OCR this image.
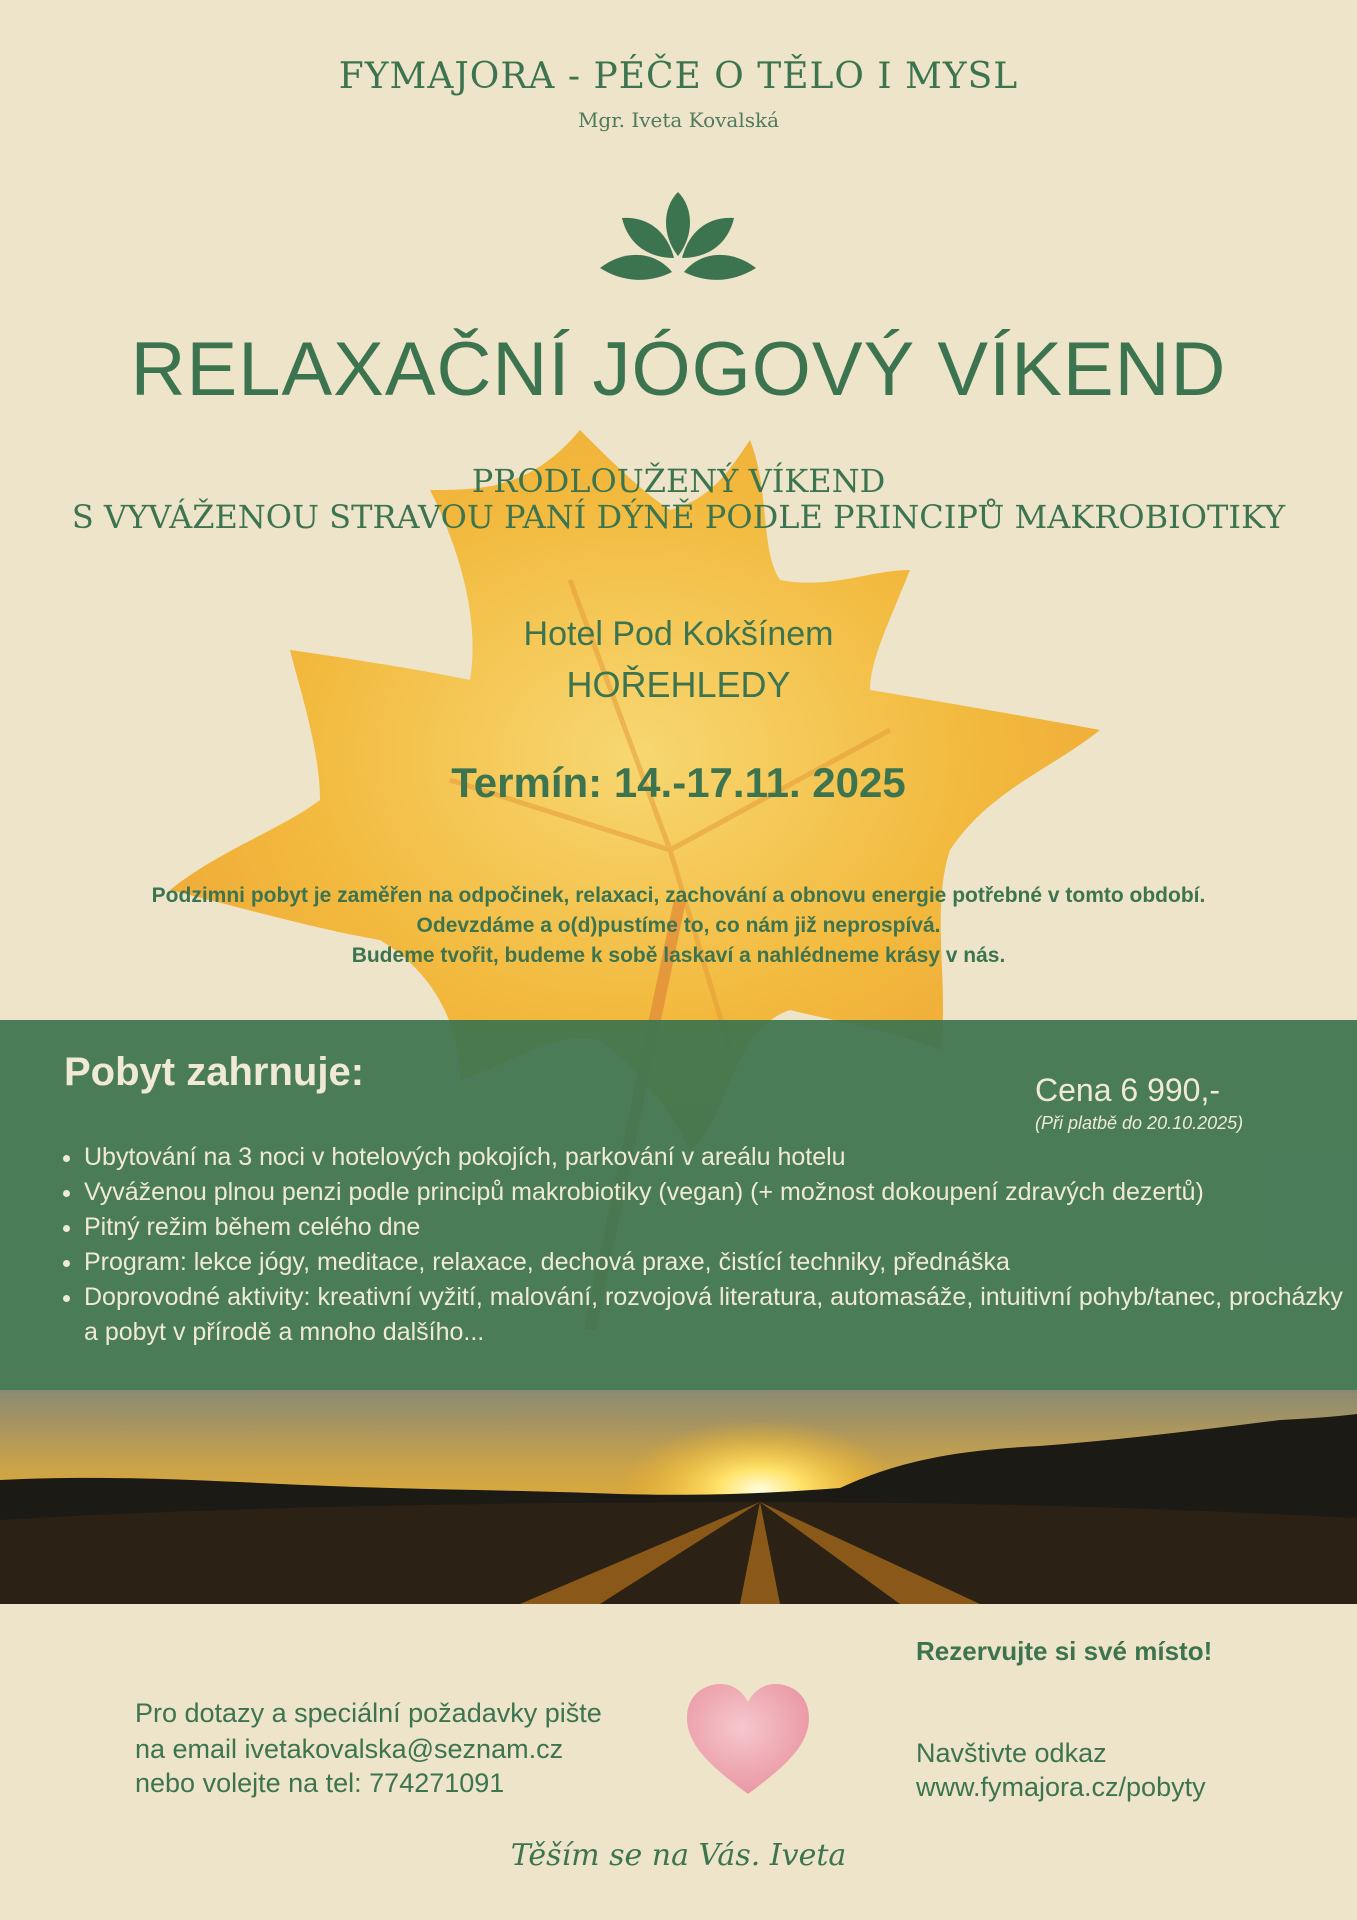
FYMAJORA - PÉČE O TĚLO I MYSL
Mgr. Iveta Kovalská
RELAXAČNÍ JÓGOVÝ VÍKEND
PRODLOUŽENÝ VÍKEND
S VYVÁŽENOU STRAVOU PANÍ DÝNĚ PODLE PRINCIPŮ MAKROBIOTIKY
Hotel Pod Kokšínem
HOŘEHLEDY
Termín: 14.-17.11. 2025
Podzimni pobyt je zaměřen na odpočinek, relaxaci, zachování a obnovu energie potřebné v tomto období.
Odevzdáme a o(d)pustíme to, co nám již neprospívá.
Budeme tvořit, budeme k sobě laskaví a nahlédneme krásy v nás.
Pobyt zahrnuje:	Cena 6 990,-
(Při platbě do 20.10.2025)
• Ubytování na 3 noci v hotelových pokojích, parkování v areálu hotelu
• Vyváženou plnou penzi podle principů makrobiotiky (vegan) (+ možnost dokoupení zdravých dezertů)
• Pitný režim během celého dne
• Program: lekce jógy, meditace, relaxace, dechová praxe, čistící techniky, přednáška
• Doprovodné aktivity: kreativní vyžití, malování, rozvojová literatura, automasáže, intuitivní pohyb/tanec, procházky a pobyt v přírodě a mnoho dalšího...
Rezervujte si své místo!
Pro dotazy a speciální požadavky pište
na email ivetakovalska@seznam.cz
nebo volejte na tel: 774271091
Navštivte odkaz
www.fymajora.cz/pobyty
Těším se na Vás. Iveta
